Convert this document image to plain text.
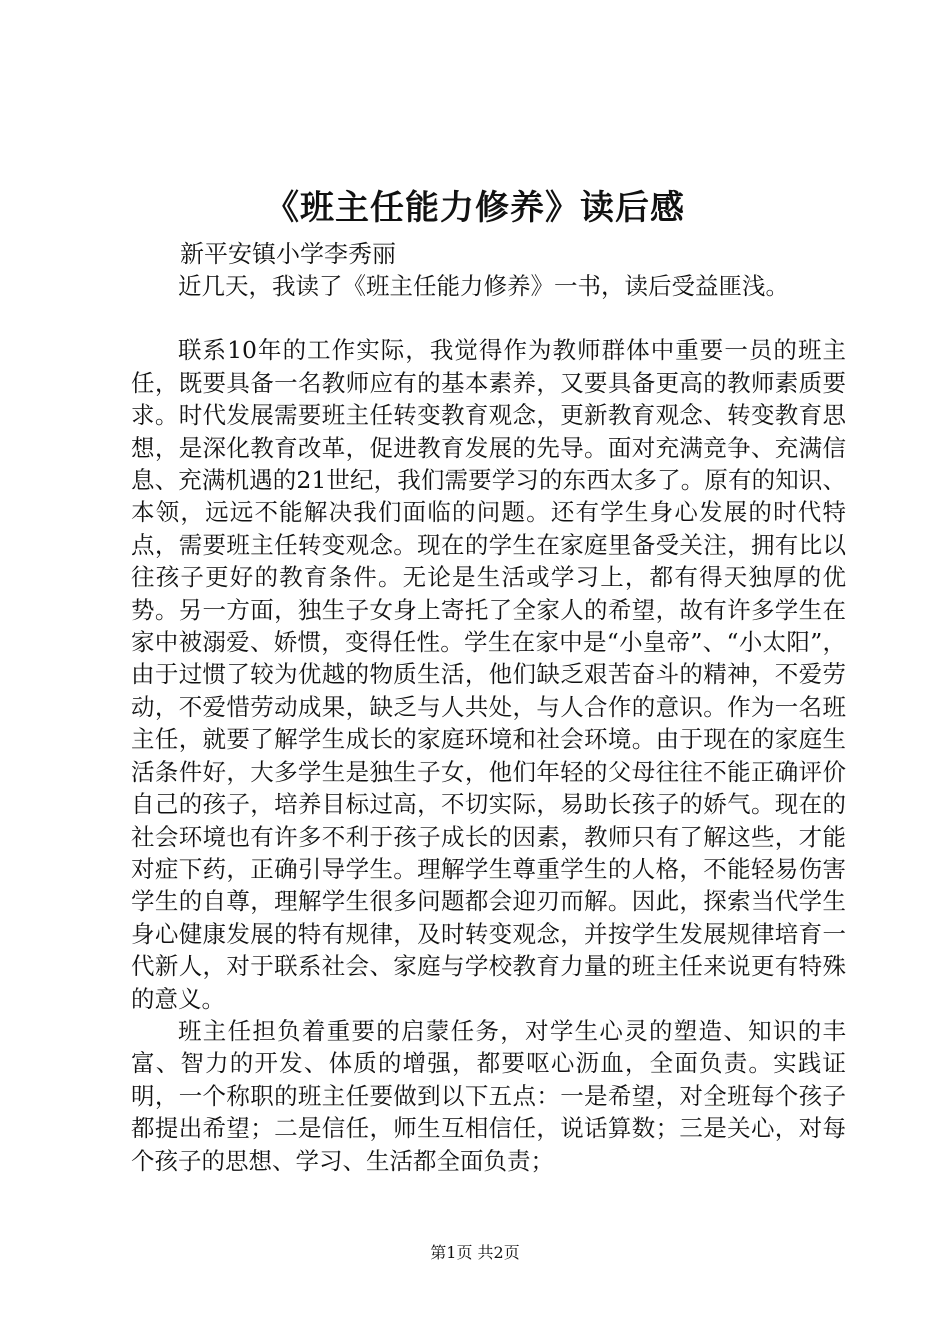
《班主任能力修养》读后感

新平安镇小学李秀丽

近几天，我读了《班主任能力修养》一书，读后受益匪浅。

联系10年的工作实际，我觉得作为教师群体中重要一员的班主任，既要具备一名教师应有的基本素养，又要具备更高的教师素质要求。时代发展需要班主任转变教育观念，更新教育观念、转变教育思想，是深化教育改革，促进教育发展的先导。面对充满竞争、充满信息、充满机遇的21世纪，我们需要学习的东西太多了。原有的知识、本领，远远不能解决我们面临的问题。还有学生身心发展的时代特点，需要班主任转变观念。现在的学生在家庭里备受关注，拥有比以往孩子更好的教育条件。无论是生活或学习上，都有得天独厚的优势。另一方面，独生子女身上寄托了全家人的希望，故有许多学生在家中被溺爱、娇惯，变得任性。学生在家中是“小皇帝”、“小太阳”，由于过惯了较为优越的物质生活，他们缺乏艰苦奋斗的精神，不爱劳动，不爱惜劳动成果，缺乏与人共处，与人合作的意识。作为一名班主任，就要了解学生成长的家庭环境和社会环境。由于现在的家庭生活条件好，大多学生是独生子女，他们年轻的父母往往不能正确评价自己的孩子，培养目标过高，不切实际，易助长孩子的娇气。现在的社会环境也有许多不利于孩子成长的因素，教师只有了解这些，才能对症下药，正确引导学生。理解学生尊重学生的人格，不能轻易伤害学生的自尊，理解学生很多问题都会迎刃而解。因此，探索当代学生身心健康发展的特有规律，及时转变观念，并按学生发展规律培育一代新人，对于联系社会、家庭与学校教育力量的班主任来说更有特殊的意义。

班主任担负着重要的启蒙任务，对学生心灵的塑造、知识的丰富、智力的开发、体质的增强，都要呕心沥血，全面负责。实践证明，一个称职的班主任要做到以下五点：一是希望，对全班每个孩子都提出希望；二是信任，师生互相信任，说话算数；三是关心，对每个孩子的思想、学习、生活都全面负责；

第1页 共2页
